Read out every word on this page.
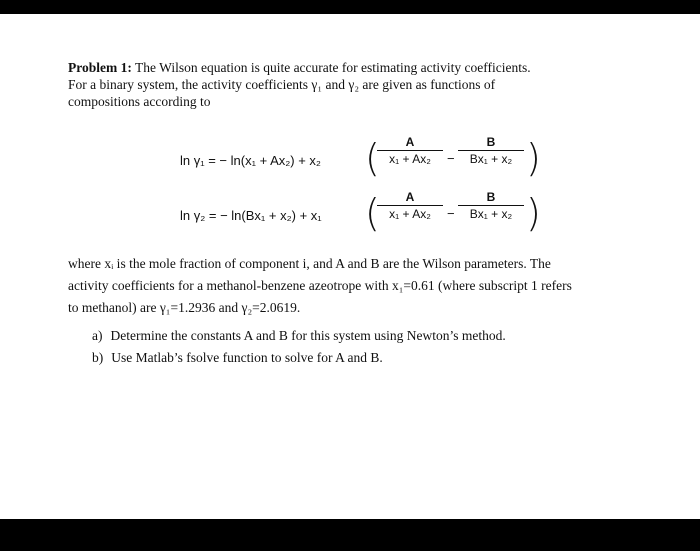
Problem 1: The Wilson equation is quite accurate for estimating activity coefficients.
For a binary system, the activity coefficients γ₁ and γ₂ are given as functions of
compositions according to
ln γ₁ = − ln(x₁ + Ax₂) + x₂ (	A
x₁ + Ax₂	−
B
Bx₁ + x₂ )
ln γ₂ = − ln(Bx₁ + x₂) + x₁ (	A
x₁ + Ax₂	−
B
Bx₁ + x₂ )
where xᵢ is the mole fraction of component i, and A and B are the Wilson parameters. The
activity coefficients for a methanol-benzene azeotrope with x₁=0.61 (where subscript 1 refers
to methanol) are γ₁=1.2936 and γ₂=2.0619.
a) Determine the constants A and B for this system using Newton’s method.
b) Use Matlab’s fsolve function to solve for A and B.
